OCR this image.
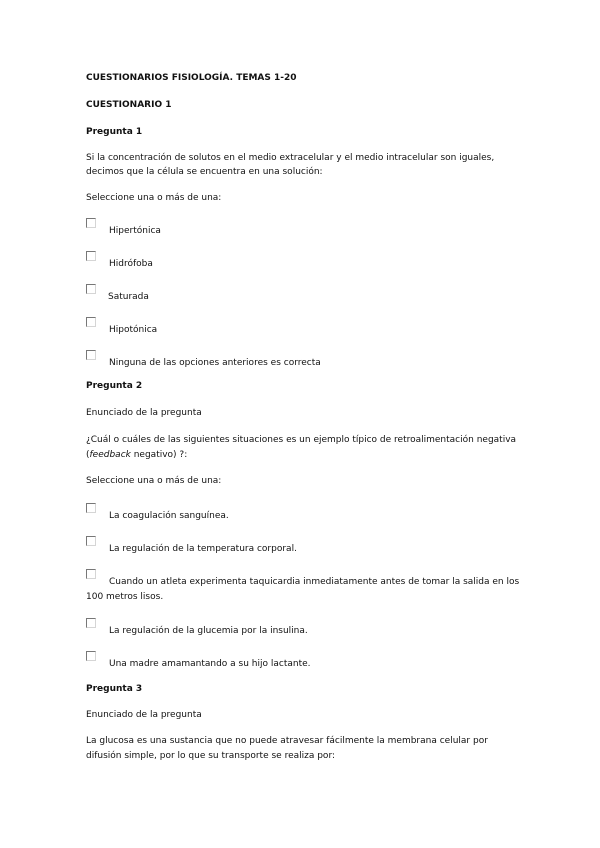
CUESTIONARIOS FISIOLOGÍA. TEMAS 1-20
CUESTIONARIO 1
Pregunta 1
Si la concentración de solutos en el medio extracelular y el medio intracelular son iguales,
decimos que la célula se encuentra en una solución:
Seleccione una o más de una:
Hipertónica
Hidrófoba
Saturada
Hipotónica
Ninguna de las opciones anteriores es correcta
Pregunta 2
Enunciado de la pregunta
¿Cuál o cuáles de las siguientes situaciones es un ejemplo típico de retroalimentación negativa
(feedback negativo) ?:
Seleccione una o más de una:
La coagulación sanguínea.
La regulación de la temperatura corporal.
Cuando un atleta experimenta taquicardia inmediatamente antes de tomar la salida en los
100 metros lisos.
La regulación de la glucemia por la insulina.
Una madre amamantando a su hijo lactante.
Pregunta 3
Enunciado de la pregunta
La glucosa es una sustancia que no puede atravesar fácilmente la membrana celular por
difusión simple, por lo que su transporte se realiza por:
